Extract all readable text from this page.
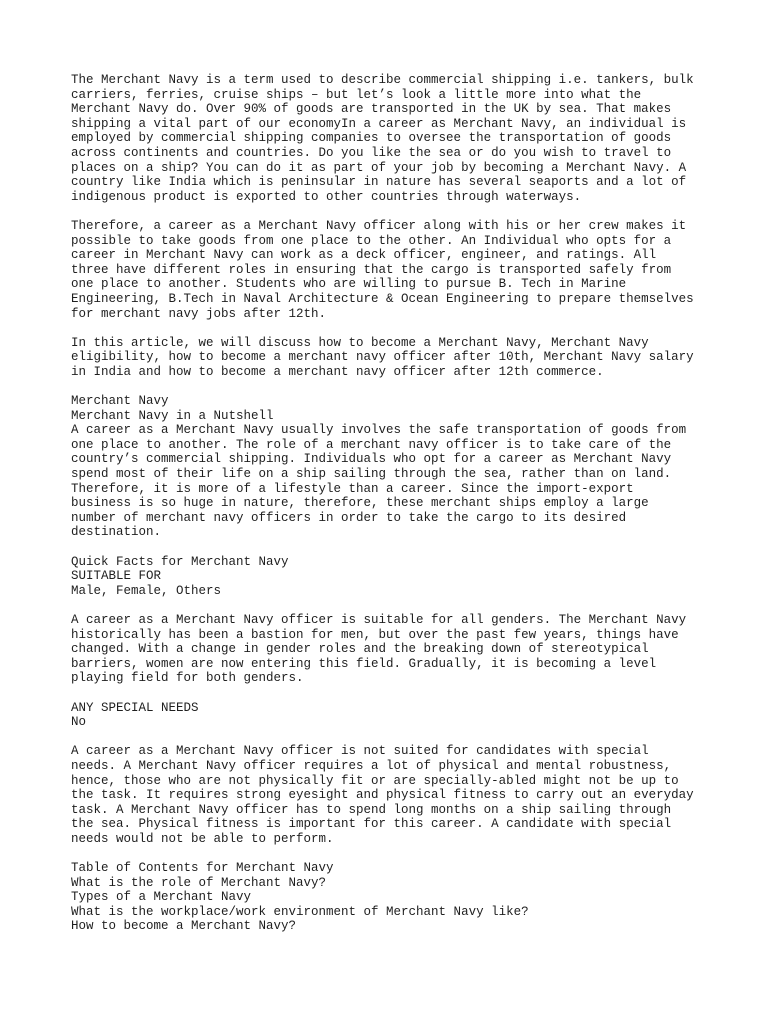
The Merchant Navy is a term used to describe commercial shipping i.e. tankers, bulk
carriers, ferries, cruise ships – but let’s look a little more into what the
Merchant Navy do. Over 90% of goods are transported in the UK by sea. That makes
shipping a vital part of our economyIn a career as Merchant Navy, an individual is
employed by commercial shipping companies to oversee the transportation of goods
across continents and countries. Do you like the sea or do you wish to travel to
places on a ship? You can do it as part of your job by becoming a Merchant Navy. A
country like India which is peninsular in nature has several seaports and a lot of
indigenous product is exported to other countries through waterways.
Therefore, a career as a Merchant Navy officer along with his or her crew makes it
possible to take goods from one place to the other. An Individual who opts for a
career in Merchant Navy can work as a deck officer, engineer, and ratings. All
three have different roles in ensuring that the cargo is transported safely from
one place to another. Students who are willing to pursue B. Tech in Marine
Engineering, B.Tech in Naval Architecture & Ocean Engineering to prepare themselves
for merchant navy jobs after 12th.
In this article, we will discuss how to become a Merchant Navy, Merchant Navy
eligibility, how to become a merchant navy officer after 10th, Merchant Navy salary
in India and how to become a merchant navy officer after 12th commerce.
Merchant Navy
Merchant Navy in a Nutshell
A career as a Merchant Navy usually involves the safe transportation of goods from
one place to another. The role of a merchant navy officer is to take care of the
country’s commercial shipping. Individuals who opt for a career as Merchant Navy
spend most of their life on a ship sailing through the sea, rather than on land.
Therefore, it is more of a lifestyle than a career. Since the import-export
business is so huge in nature, therefore, these merchant ships employ a large
number of merchant navy officers in order to take the cargo to its desired
destination.
Quick Facts for Merchant Navy
SUITABLE FOR
Male, Female, Others
A career as a Merchant Navy officer is suitable for all genders. The Merchant Navy
historically has been a bastion for men, but over the past few years, things have
changed. With a change in gender roles and the breaking down of stereotypical
barriers, women are now entering this field. Gradually, it is becoming a level
playing field for both genders.
ANY SPECIAL NEEDS
No
A career as a Merchant Navy officer is not suited for candidates with special
needs. A Merchant Navy officer requires a lot of physical and mental robustness,
hence, those who are not physically fit or are specially-abled might not be up to
the task. It requires strong eyesight and physical fitness to carry out an everyday
task. A Merchant Navy officer has to spend long months on a ship sailing through
the sea. Physical fitness is important for this career. A candidate with special
needs would not be able to perform.
Table of Contents for Merchant Navy
What is the role of Merchant Navy?
Types of a Merchant Navy
What is the workplace/work environment of Merchant Navy like?
How to become a Merchant Navy?
